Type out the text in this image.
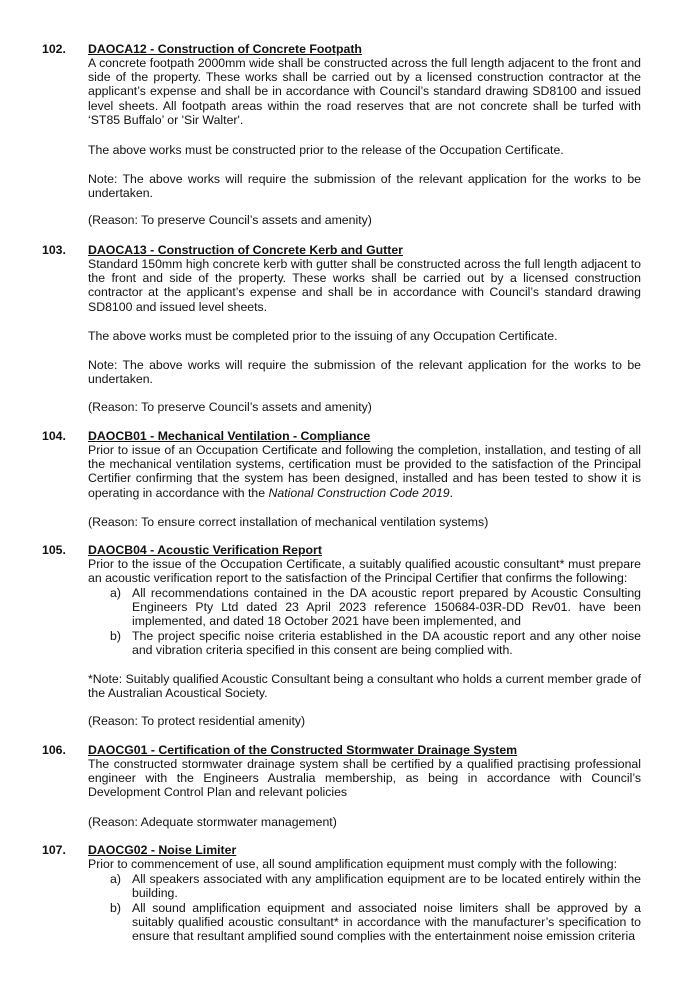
102. DAOCA12 - Construction of Concrete Footpath

A concrete footpath 2000mm wide shall be constructed across the full length adjacent to the front and side of the property. These works shall be carried out by a licensed construction contractor at the applicant’s expense and shall be in accordance with Council’s standard drawing SD8100 and issued level sheets. All footpath areas within the road reserves that are not concrete shall be turfed with ‘ST85 Buffalo’ or 'Sir Walter'.

The above works must be constructed prior to the release of the Occupation Certificate.

Note: The above works will require the submission of the relevant application for the works to be undertaken.

(Reason: To preserve Council’s assets and amenity)

103. DAOCA13 - Construction of Concrete Kerb and Gutter

Standard 150mm high concrete kerb with gutter shall be constructed across the full length adjacent to the front and side of the property. These works shall be carried out by a licensed construction contractor at the applicant’s expense and shall be in accordance with Council’s standard drawing SD8100 and issued level sheets.

The above works must be completed prior to the issuing of any Occupation Certificate.

Note: The above works will require the submission of the relevant application for the works to be undertaken.

(Reason: To preserve Council’s assets and amenity)

104. DAOCB01 - Mechanical Ventilation - Compliance

Prior to issue of an Occupation Certificate and following the completion, installation, and testing of all the mechanical ventilation systems, certification must be provided to the satisfaction of the Principal Certifier confirming that the system has been designed, installed and has been tested to show it is operating in accordance with the National Construction Code 2019.

(Reason: To ensure correct installation of mechanical ventilation systems)

105. DAOCB04 - Acoustic Verification Report

Prior to the issue of the Occupation Certificate, a suitably qualified acoustic consultant* must prepare an acoustic verification report to the satisfaction of the Principal Certifier that confirms the following:

a) All recommendations contained in the DA acoustic report prepared by Acoustic Consulting Engineers Pty Ltd dated 23 April 2023 reference 150684-03R-DD Rev01. have been implemented, and dated 18 October 2021 have been implemented, and

b) The project specific noise criteria established in the DA acoustic report and any other noise and vibration criteria specified in this consent are being complied with.

*Note: Suitably qualified Acoustic Consultant being a consultant who holds a current member grade of the Australian Acoustical Society.

(Reason: To protect residential amenity)

106. DAOCG01 - Certification of the Constructed Stormwater Drainage System

The constructed stormwater drainage system shall be certified by a qualified practising professional engineer with the Engineers Australia membership, as being in accordance with Council’s Development Control Plan and relevant policies

(Reason: Adequate stormwater management)

107. DAOCG02 - Noise Limiter

Prior to commencement of use, all sound amplification equipment must comply with the following:

a) All speakers associated with any amplification equipment are to be located entirely within the building.

b) All sound amplification equipment and associated noise limiters shall be approved by a suitably qualified acoustic consultant* in accordance with the manufacturer’s specification to ensure that resultant amplified sound complies with the entertainment noise emission criteria
